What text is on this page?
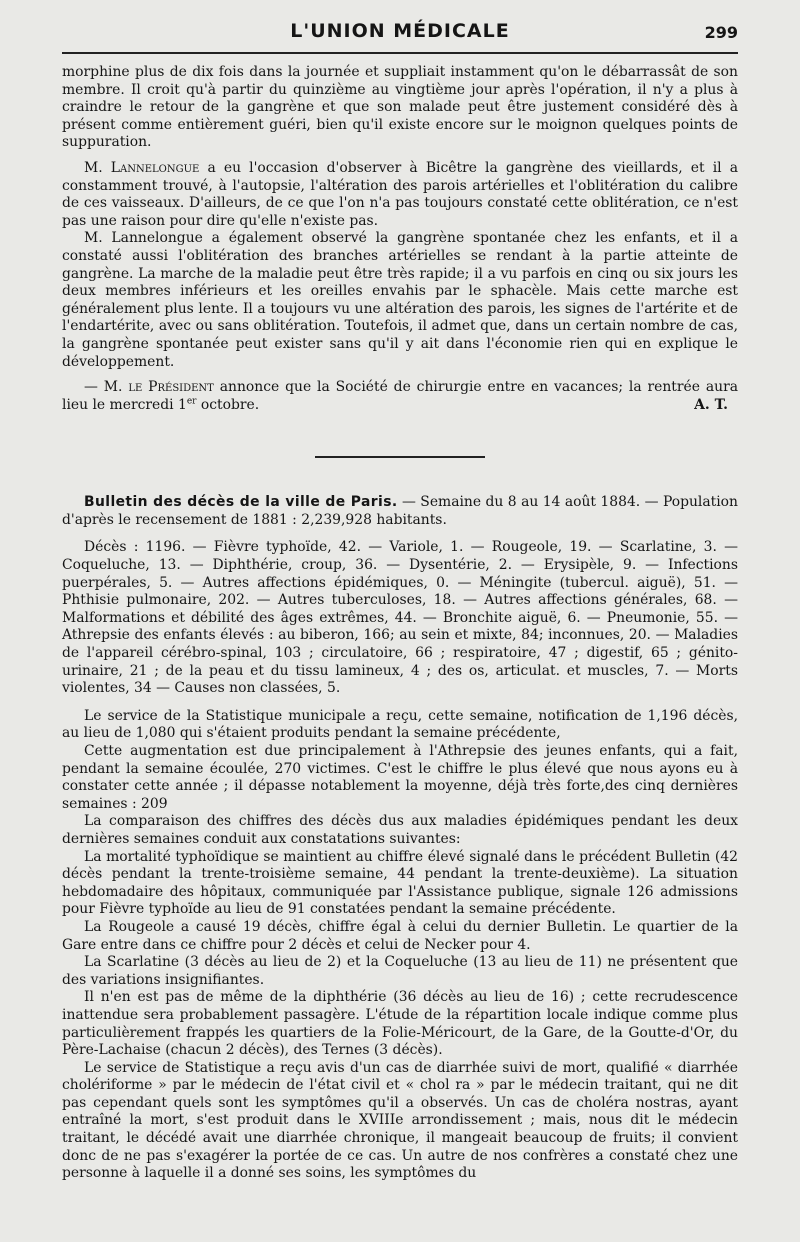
L'UNION MÉDICALE	299

morphine plus de dix fois dans la journée et suppliait instamment qu'on le débarrassât de son membre. Il croit qu'à partir du quinzième au vingtième jour après l'opération, il n'y a plus à craindre le retour de la gangrène et que son malade peut être justement considéré dès à présent comme entièrement guéri, bien qu'il existe encore sur le moignon quelques points de suppuration.

M. Lannelongue a eu l'occasion d'observer à Bicêtre la gangrène des vieillards, et il a constamment trouvé, à l'autopsie, l'altération des parois artérielles et l'oblitération du calibre de ces vaisseaux. D'ailleurs, de ce que l'on n'a pas toujours constaté cette oblitération, ce n'est pas une raison pour dire qu'elle n'existe pas.

M. Lannelongue a également observé la gangrène spontanée chez les enfants, et il a constaté aussi l'oblitération des branches artérielles se rendant à la partie atteinte de gangrène. La marche de la maladie peut être très rapide; il a vu parfois en cinq ou six jours les deux membres inférieurs et les oreilles envahis par le sphacèle. Mais cette marche est généralement plus lente. Il a toujours vu une altération des parois, les signes de l'artérite et de l'endartérite, avec ou sans oblitération. Toutefois, il admet que, dans un certain nombre de cas, la gangrène spontanée peut exister sans qu'il y ait dans l'économie rien qui en explique le développement.

— M. le Président annonce que la Société de chirurgie entre en vacances; la rentrée aura lieu le mercredi 1er octobre.	A. T.

Bulletin des décès de la ville de Paris. — Semaine du 8 au 14 août 1884. — Population d'après le recensement de 1881 : 2,239,928 habitants.

Décès : 1196. — Fièvre typhoïde, 42. — Variole, 1. — Rougeole, 19. — Scarlatine, 3. — Coqueluche, 13. — Diphthérie, croup, 36. — Dysentérie, 2. — Erysipèle, 9. — Infections puerpérales, 5. — Autres affections épidémiques, 0. — Méningite (tubercul. aiguë), 51. — Phthisie pulmonaire, 202. — Autres tuberculoses, 18. — Autres affections générales, 68. — Malformations et débilité des âges extrêmes, 44. — Bronchite aiguë, 6. — Pneumonie, 55. — Athrepsie des enfants élevés : au biberon, 166; au sein et mixte, 84; inconnues, 20. — Maladies de l'appareil cérébro-spinal, 103 ; circulatoire, 66 ; respiratoire, 47 ; digestif, 65 ; génito-urinaire, 21 ; de la peau et du tissu lamineux, 4 ; des os, articulat. et muscles, 7. — Morts violentes, 34 — Causes non classées, 5.

Le service de la Statistique municipale a reçu, cette semaine, notification de 1,196 décès, au lieu de 1,080 qui s'étaient produits pendant la semaine précédente,

Cette augmentation est due principalement à l'Athrepsie des jeunes enfants, qui a fait, pendant la semaine écoulée, 270 victimes. C'est le chiffre le plus élevé que nous ayons eu à constater cette année ; il dépasse notablement la moyenne, déjà très forte,des cinq dernières semaines : 209

La comparaison des chiffres des décès dus aux maladies épidémiques pendant les deux dernières semaines conduit aux constatations suivantes:

La mortalité typhoïdique se maintient au chiffre élevé signalé dans le précédent Bulletin (42 décès pendant la trente-troisième semaine, 44 pendant la trente-deuxième). La situation hebdomadaire des hôpitaux, communiquée par l'Assistance publique, signale 126 admissions pour Fièvre typhoïde au lieu de 91 constatées pendant la semaine précédente.

La Rougeole a causé 19 décès, chiffre égal à celui du dernier Bulletin. Le quartier de la Gare entre dans ce chiffre pour 2 décès et celui de Necker pour 4.

La Scarlatine (3 décès au lieu de 2) et la Coqueluche (13 au lieu de 11) ne présentent que des variations insignifiantes.

Il n'en est pas de même de la diphthérie (36 décès au lieu de 16) ; cette recrudescence inattendue sera probablement passagère. L'étude de la répartition locale indique comme plus particulièrement frappés les quartiers de la Folie-Méricourt, de la Gare, de la Goutte-d'Or, du Père-Lachaise (chacun 2 décès), des Ternes (3 décès).

Le service de Statistique a reçu avis d'un cas de diarrhée suivi de mort, qualifié « diarrhée cholériforme » par le médecin de l'état civil et « chol ra » par le médecin traitant, qui ne dit pas cependant quels sont les symptômes qu'il a observés. Un cas de choléra nostras, ayant entraîné la mort, s'est produit dans le XVIIIe arrondissement ; mais, nous dit le médecin traitant, le décédé avait une diarrhée chronique, il mangeait beaucoup de fruits; il convient donc de ne pas s'exagérer la portée de ce cas. Un autre de nos confrères a constaté chez une personne à laquelle il a donné ses soins, les symptômes du
